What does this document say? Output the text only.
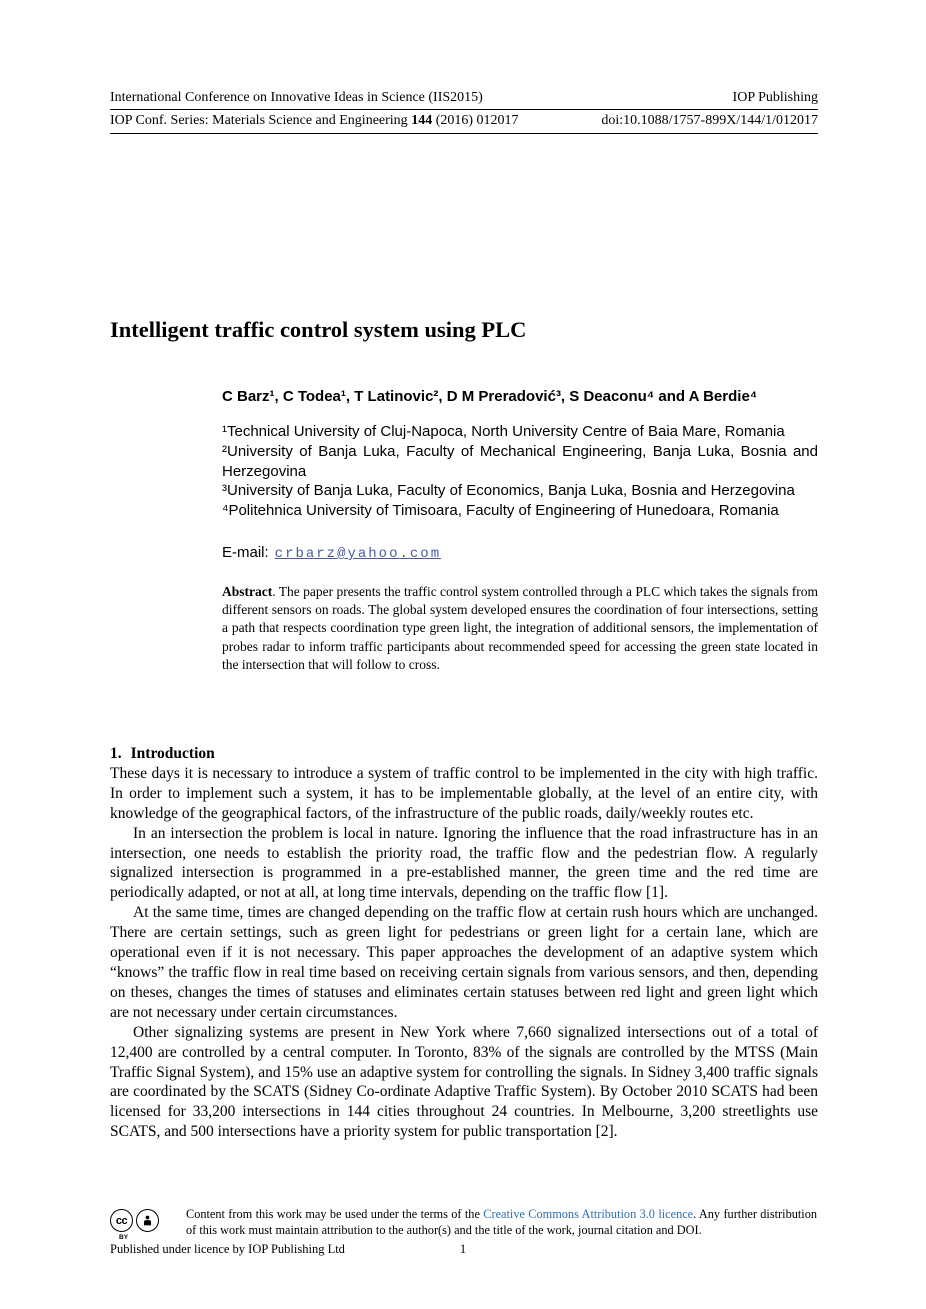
International Conference on Innovative Ideas in Science (IIS2015)	IOP Publishing
IOP Conf. Series: Materials Science and Engineering 144 (2016) 012017	doi:10.1088/1757-899X/144/1/012017
Intelligent traffic control system using PLC

C Barz¹, C Todea¹, T Latinovic², D M Preradović³, S Deaconu⁴ and A Berdie⁴

¹Technical University of Cluj-Napoca, North University Centre of Baia Mare, Romania

²University of Banja Luka, Faculty of Mechanical Engineering, Banja Luka, Bosnia and Herzegovina

³University of Banja Luka, Faculty of Economics, Banja Luka, Bosnia and Herzegovina

⁴Politehnica University of Timisoara, Faculty of Engineering of Hunedoara, Romania

E-mail: crbarz@yahoo.com
Abstract. The paper presents the traffic control system controlled through a PLC which takes the signals from different sensors on roads. The global system developed ensures the coordination of four intersections, setting a path that respects coordination type green light, the integration of additional sensors, the implementation of probes radar to inform traffic participants about recommended speed for accessing the green state located in the intersection that will follow to cross.
1. Introduction

These days it is necessary to introduce a system of traffic control to be implemented in the city with high traffic. In order to implement such a system, it has to be implementable globally, at the level of an entire city, with knowledge of the geographical factors, of the infrastructure of the public roads, daily/weekly routes etc.

In an intersection the problem is local in nature. Ignoring the influence that the road infrastructure has in an intersection, one needs to establish the priority road, the traffic flow and the pedestrian flow. A regularly signalized intersection is programmed in a pre-established manner, the green time and the red time are periodically adapted, or not at all, at long time intervals, depending on the traffic flow [1].

At the same time, times are changed depending on the traffic flow at certain rush hours which are unchanged. There are certain settings, such as green light for pedestrians or green light for a certain lane, which are operational even if it is not necessary. This paper approaches the development of an adaptive system which “knows” the traffic flow in real time based on receiving certain signals from various sensors, and then, depending on theses, changes the times of statuses and eliminates certain statuses between red light and green light which are not necessary under certain circumstances.

Other signalizing systems are present in New York where 7,660 signalized intersections out of a total of 12,400 are controlled by a central computer. In Toronto, 83% of the signals are controlled by the MTSS (Main Traffic Signal System), and 15% use an adaptive system for controlling the signals. In Sidney 3,400 traffic signals are coordinated by the SCATS (Sidney Co-ordinate Adaptive Traffic System). By October 2010 SCATS had been licensed for 33,200 intersections in 144 cities throughout 24 countries. In Melbourne, 3,200 streetlights use SCATS, and 500 intersections have a priority system for public transportation [2].

cc
BY
Content from this work may be used under the terms of the Creative Commons Attribution 3.0 licence. Any further distribution of this work must maintain attribution to the author(s) and the title of the work, journal citation and DOI.
Published under licence by IOP Publishing Ltd	1
